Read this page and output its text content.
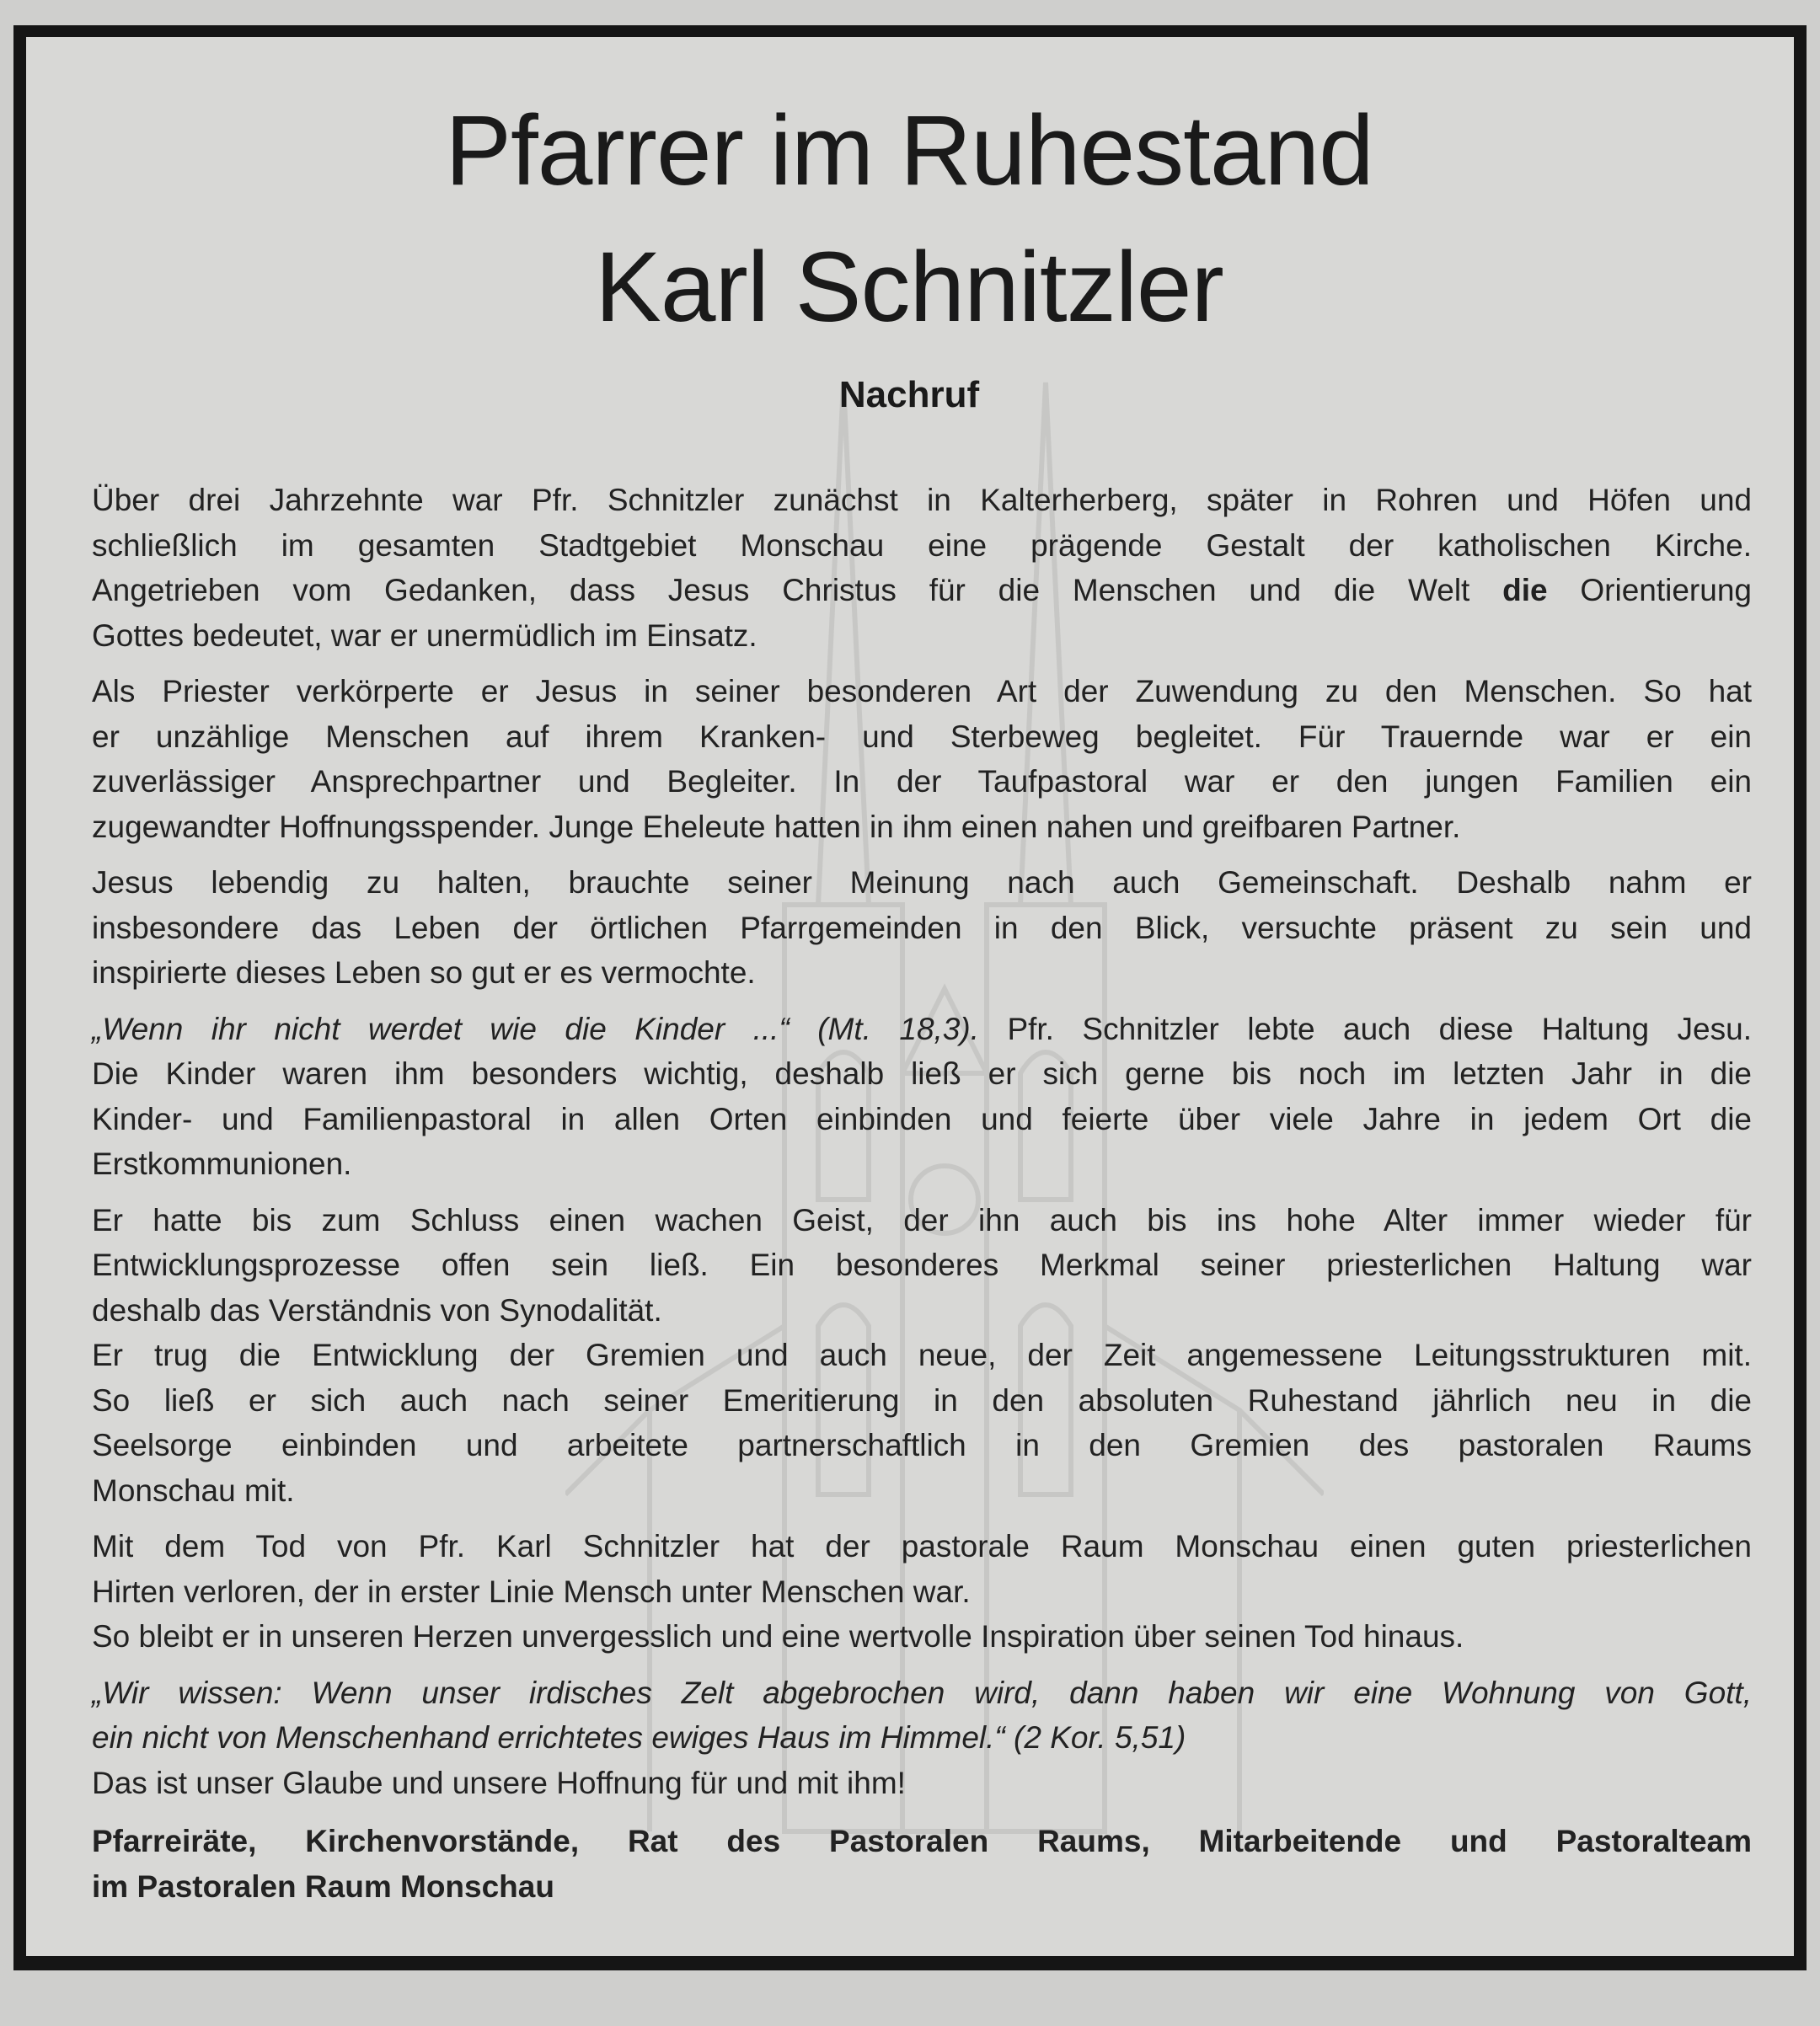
Pfarrer im Ruhestand
Karl Schnitzler
Nachruf

Über drei Jahrzehnte war Pfr. Schnitzler zunächst in Kalterherberg, später in Rohren und Höfen und
schließlich im gesamten Stadtgebiet Monschau eine prägende Gestalt der katholischen Kirche.
Angetrieben vom Gedanken, dass Jesus Christus für die Menschen und die Welt die Orientierung
Gottes bedeutet, war er unermüdlich im Einsatz.

Als Priester verkörperte er Jesus in seiner besonderen Art der Zuwendung zu den Menschen. So hat
er unzählige Menschen auf ihrem Kranken- und Sterbeweg begleitet. Für Trauernde war er ein
zuverlässiger Ansprechpartner und Begleiter. In der Taufpastoral war er den jungen Familien ein
zugewandter Hoffnungsspender. Junge Eheleute hatten in ihm einen nahen und greifbaren Partner.

Jesus lebendig zu halten, brauchte seiner Meinung nach auch Gemeinschaft. Deshalb nahm er
insbesondere das Leben der örtlichen Pfarrgemeinden in den Blick, versuchte präsent zu sein und
inspirierte dieses Leben so gut er es vermochte.

„Wenn ihr nicht werdet wie die Kinder ...“ (Mt. 18,3). Pfr. Schnitzler lebte auch diese Haltung Jesu.
Die Kinder waren ihm besonders wichtig, deshalb ließ er sich gerne bis noch im letzten Jahr in die
Kinder- und Familienpastoral in allen Orten einbinden und feierte über viele Jahre in jedem Ort die
Erstkommunionen.

Er hatte bis zum Schluss einen wachen Geist, der ihn auch bis ins hohe Alter immer wieder für
Entwicklungsprozesse offen sein ließ. Ein besonderes Merkmal seiner priesterlichen Haltung war
deshalb das Verständnis von Synodalität.

Er trug die Entwicklung der Gremien und auch neue, der Zeit angemessene Leitungsstrukturen mit.
So ließ er sich auch nach seiner Emeritierung in den absoluten Ruhestand jährlich neu in die
Seelsorge einbinden und arbeitete partnerschaftlich in den Gremien des pastoralen Raums
Monschau mit.

Mit dem Tod von Pfr. Karl Schnitzler hat der pastorale Raum Monschau einen guten priesterlichen
Hirten verloren, der in erster Linie Mensch unter Menschen war.
So bleibt er in unseren Herzen unvergesslich und eine wertvolle Inspiration über seinen Tod hinaus.

„Wir wissen: Wenn unser irdisches Zelt abgebrochen wird, dann haben wir eine Wohnung von Gott,
ein nicht von Menschenhand errichtetes ewiges Haus im Himmel.“ (2 Kor. 5,51)
Das ist unser Glaube und unsere Hoffnung für und mit ihm!

Pfarreiräte, Kirchenvorstände, Rat des Pastoralen Raums, Mitarbeitende und Pastoralteam
im Pastoralen Raum Monschau
